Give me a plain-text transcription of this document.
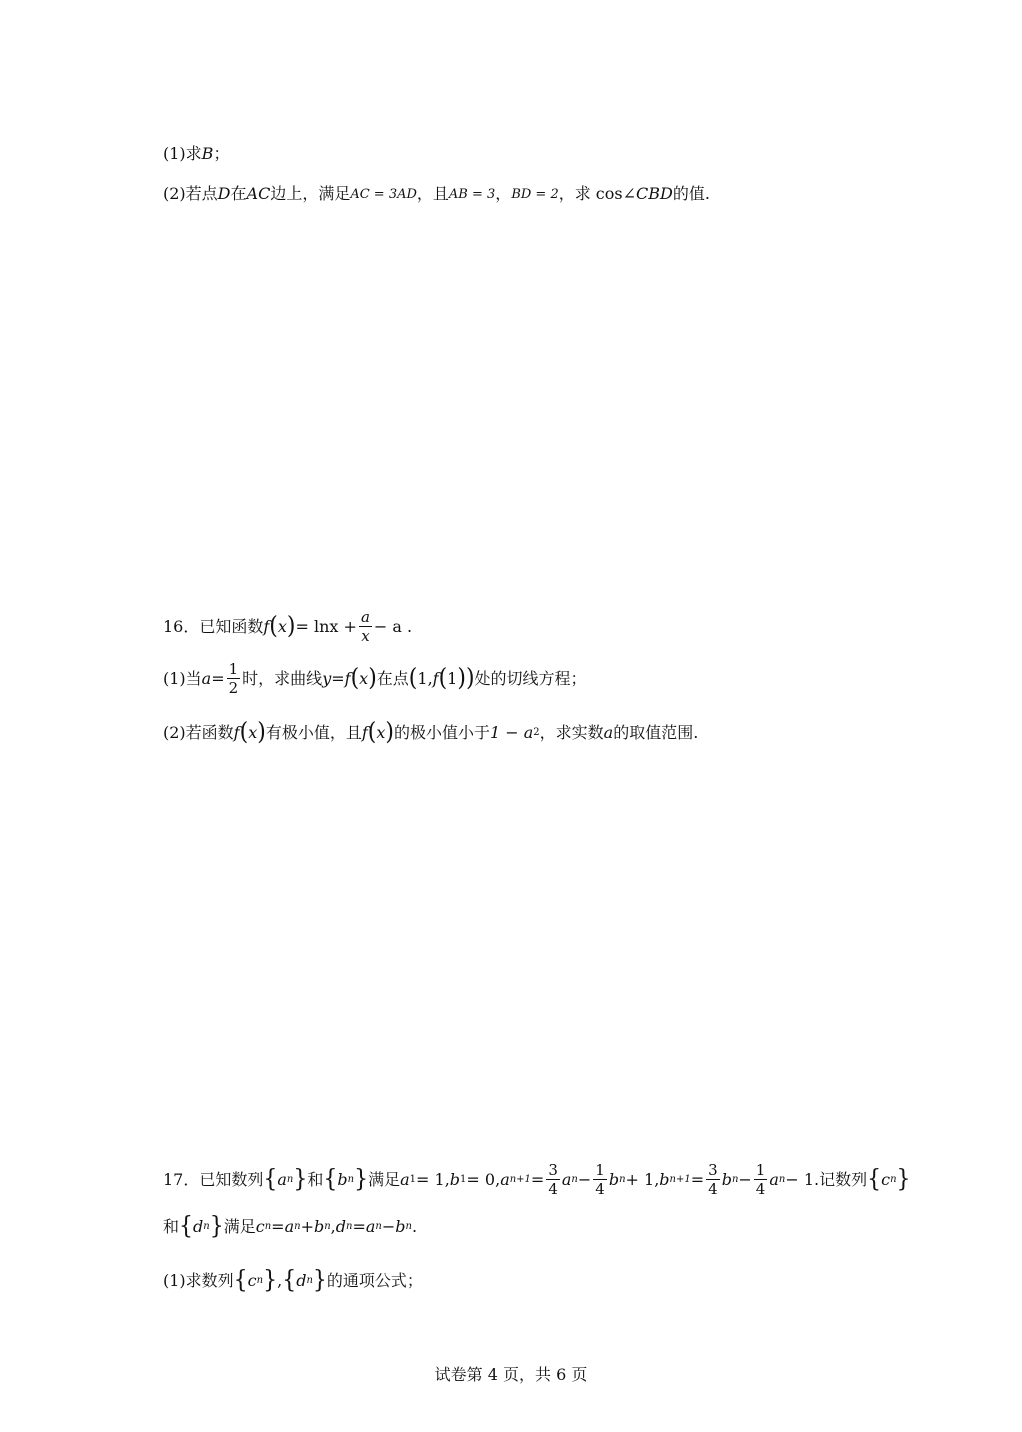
(1)求 B ；
(2)若点 D 在 AC 边上，满足 AC = 3AD ，且 AB = 3 ， BD = 2 ，求 cos∠ CBD 的值.
16．已知函数 f ( x ) = $\ln x + \frac{a}{x} - a$ .
(1)当 $a = \frac{1}{2}$ 时，求曲线 y = f ( x ) 在点 ( 1, f ( 1 ) ) 处的切线方程；
(2)若函数 f ( x ) 有极小值，且 f ( x ) 的极小值小于 1 − a 2 ，求实数 a 的取值范围.
17．已知数列 { a n } 和 { b n } 满足 a 1 = 1, b 1 = 0, a $n+1 = \frac{3}{4}$ a $n - \frac{1}{4}$ b n + 1, b $n+1 = \frac{3}{4}$ b $n - \frac{1}{4}$ a n − 1 .记数列 { c n }
和 { d n } 满足 c n = a n + b n , d n = a n − b n .
(1)求数列 { c n } , { d n } 的通项公式；
试卷第 4 页，共 6 页
